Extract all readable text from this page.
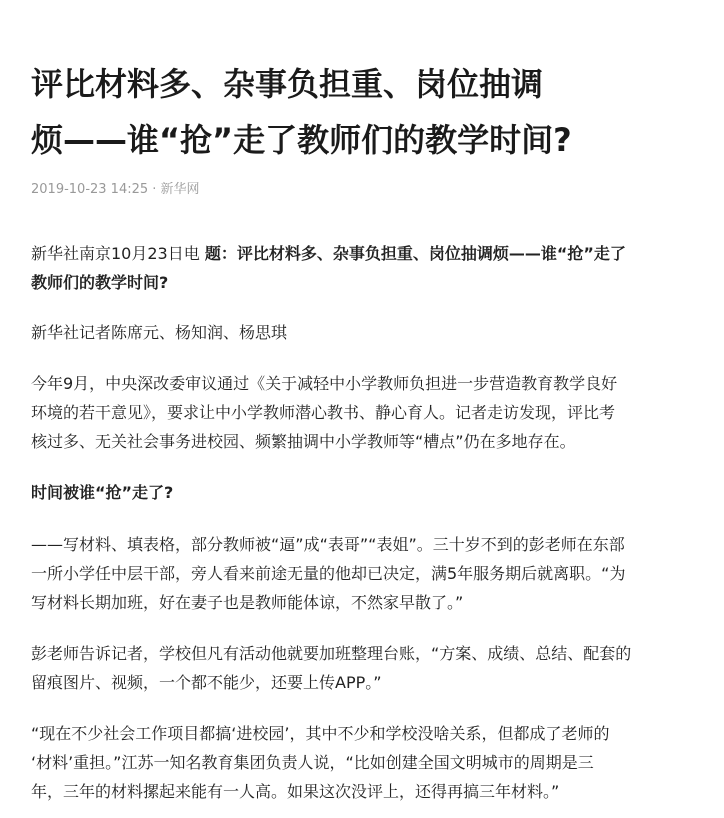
评比材料多、杂事负担重、岗位抽调
烦——谁“抢”走了教师们的教学时间?
2019-10-23 14:25 · 新华网

新华社南京10月23日电 题：评比材料多、杂事负担重、岗位抽调烦——谁“抢”走了
教师们的教学时间?

新华社记者陈席元、杨知润、杨思琪

今年9月，中央深改委审议通过《关于减轻中小学教师负担进一步营造教育教学良好
环境的若干意见》，要求让中小学教师潜心教书、静心育人。记者走访发现，评比考
核过多、无关社会事务进校园、频繁抽调中小学教师等“槽点”仍在多地存在。

时间被谁“抢”走了?

——写材料、填表格，部分教师被“逼”成“表哥”“表姐”。三十岁不到的彭老师在东部
一所小学任中层干部，旁人看来前途无量的他却已决定，满5年服务期后就离职。“为
写材料长期加班，好在妻子也是教师能体谅，不然家早散了。”

彭老师告诉记者，学校但凡有活动他就要加班整理台账，“方案、成绩、总结、配套的
留痕图片、视频，一个都不能少，还要上传APP。”

“现在不少社会工作项目都搞‘进校园’，其中不少和学校没啥关系，但都成了老师的
‘材料’重担。”江苏一知名教育集团负责人说，“比如创建全国文明城市的周期是三
年，三年的材料摞起来能有一人高。如果这次没评上，还得再搞三年材料。”
